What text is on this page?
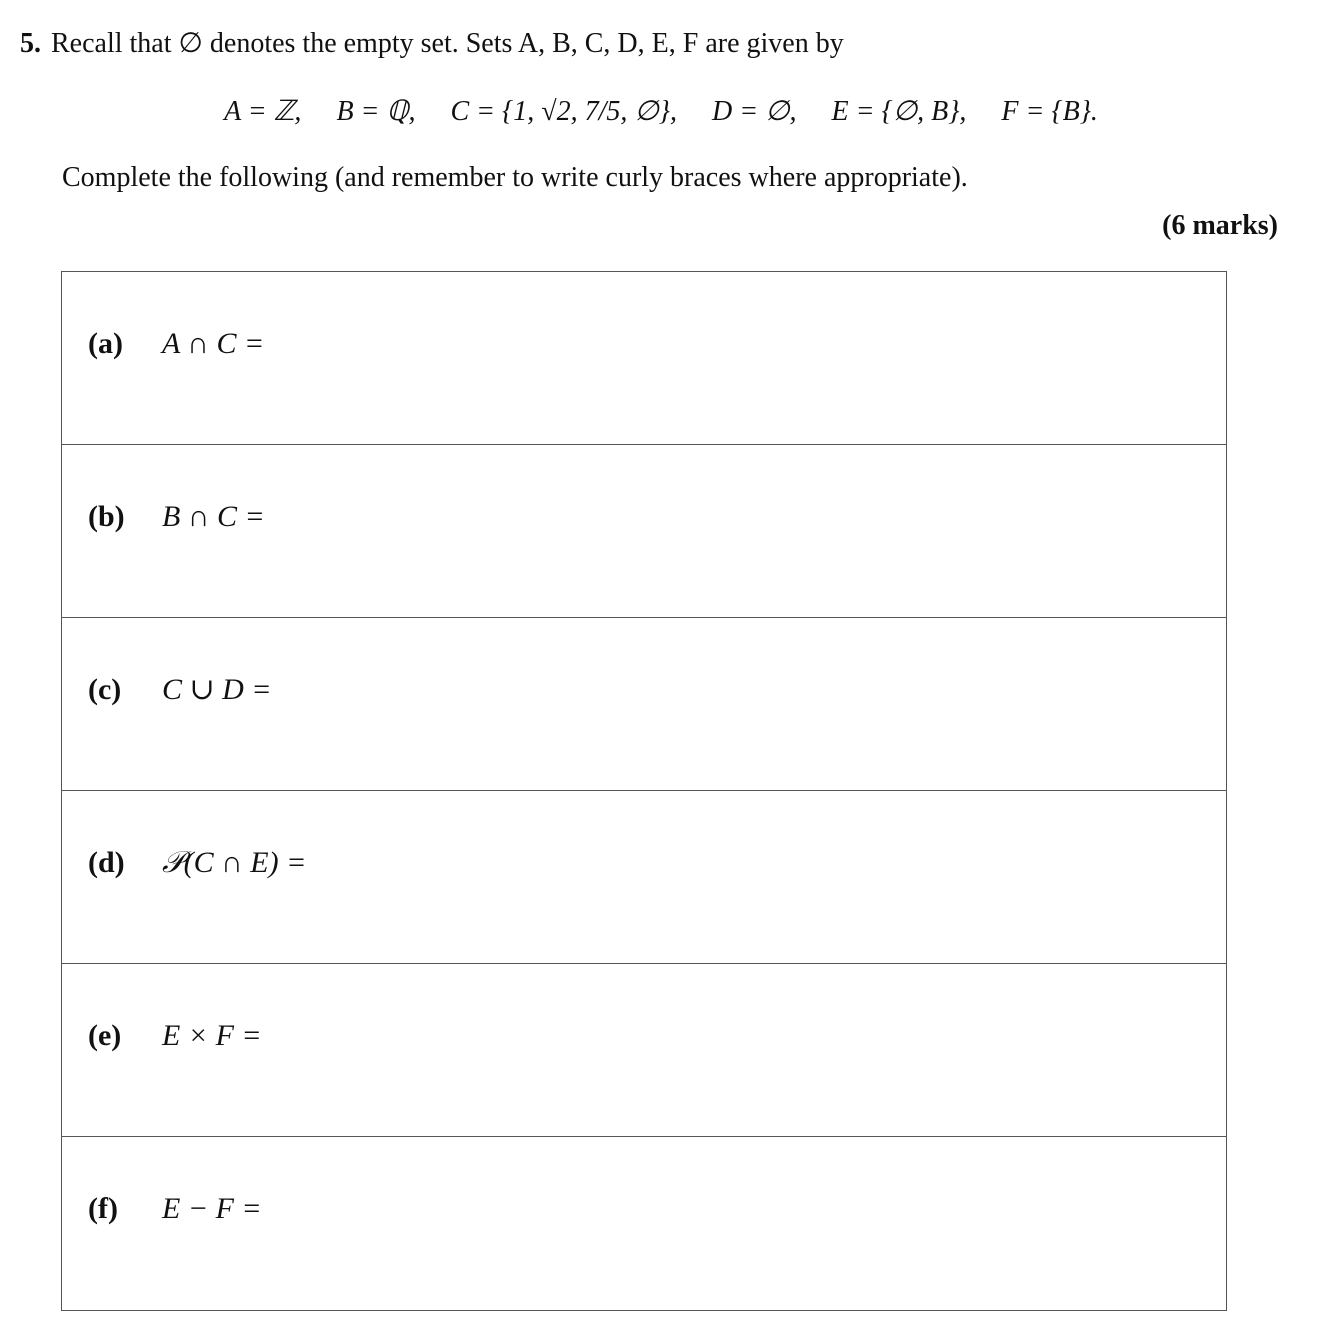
5. Recall that ∅ denotes the empty set. Sets A, B, C, D, E, F are given by
A = ℤ, B = ℚ, C = {1, √2, 7/5, ∅}, D = ∅, E = {∅, B}, F = {B}.
Complete the following (and remember to write curly braces where appropriate).
(6 marks)
(a) A ∩ C =
(b) B ∩ C =
(c) C ∪ D =
(d) 𝒫(C ∩ E) =
(e) E × F =
(f) E − F =
